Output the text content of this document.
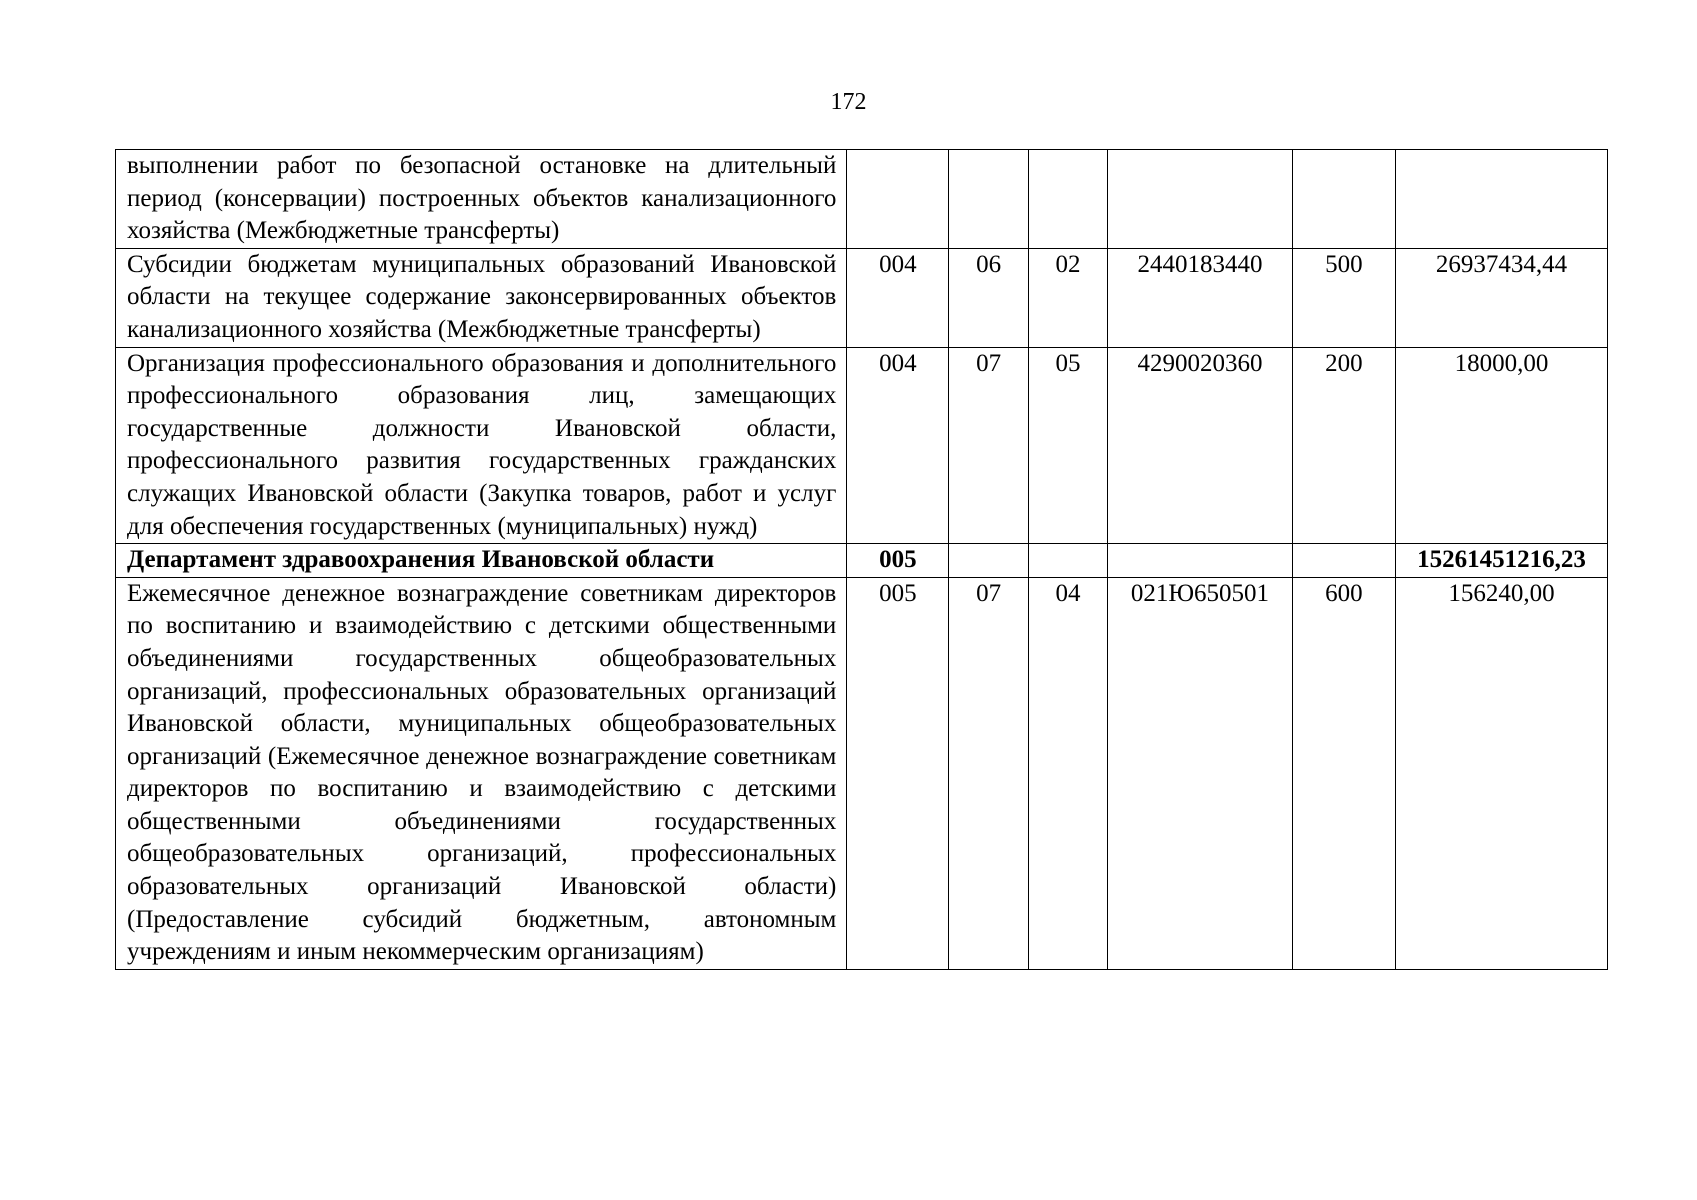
172
выполнении работ по безопасной остановке на длительный период (консервации) построенных объектов канализационного хозяйства (Межбюджетные трансферты)						
Субсидии бюджетам муниципальных образований Ивановской области на текущее содержание законсервированных объектов канализационного хозяйства (Межбюджетные трансферты)	004	06	02	2440183440	500	26937434,44
Организация профессионального образования и дополнительного профессионального образования лиц, замещающих государственные должности Ивановской области, профессионального развития государственных гражданских служащих Ивановской области (Закупка товаров, работ и услуг для обеспечения государственных (муниципальных) нужд)	004	07	05	4290020360	200	18000,00
Департамент здравоохранения Ивановской области	005					15261451216,23
Ежемесячное денежное вознаграждение советникам директоров по воспитанию и взаимодействию с детскими общественными объединениями государственных общеобразовательных организаций, профессиональных образовательных организаций Ивановской области, муниципальных общеобразовательных организаций (Ежемесячное денежное вознаграждение советникам директоров по воспитанию и взаимодействию с детскими общественными объединениями государственных общеобразовательных организаций, профессиональных образовательных организаций Ивановской области) (Предоставление субсидий бюджетным, автономным учреждениям и иным некоммерческим организациям)	005	07	04	021Ю650501	600	156240,00
